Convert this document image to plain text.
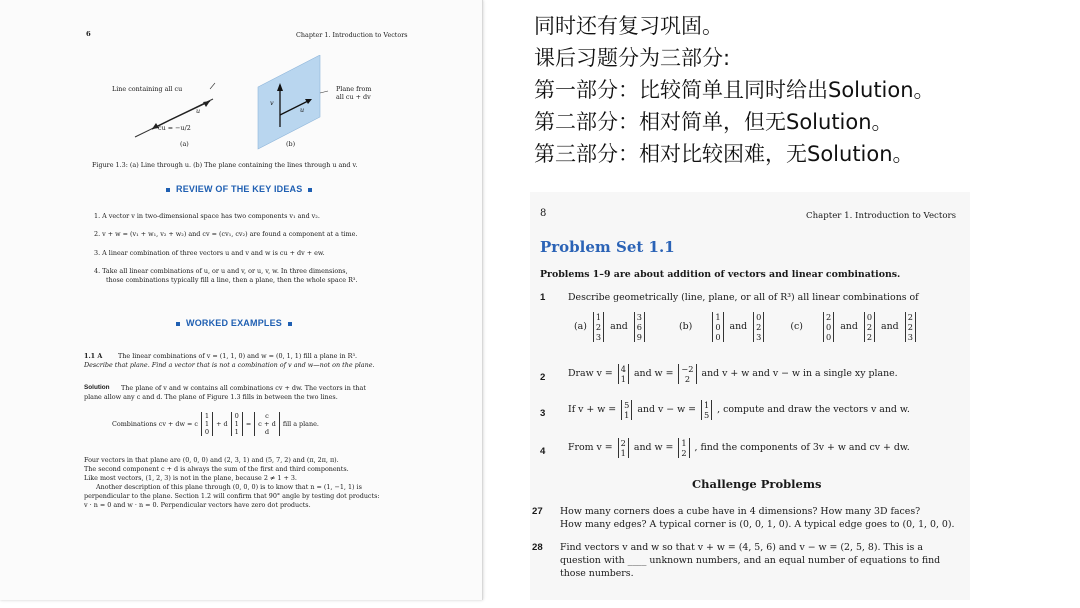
6	Chapter 1. Introduction to Vectors
Line containing all cu	Plane from
all cu + dv
cu = −u/2
u
v
u
(a)	(b)
Figure 1.3: (a) Line through u. (b) The plane containing the lines through u and v.
REVIEW OF THE KEY IDEAS
1. A vector v in two-dimensional space has two components v₁ and v₂.
2. v + w = (v₁ + w₁, v₂ + w₂) and cv = (cv₁, cv₂) are found a component at a time.
3. A linear combination of three vectors u and v and w is cu + dv + ew.
4. Take all linear combinations of u, or u and v, or u, v, w. In three dimensions,
those combinations typically fill a line, then a plane, then the whole space R³.
WORKED EXAMPLES
1.1 A The linear combinations of v = (1, 1, 0) and w = (0, 1, 1) fill a plane in R³.
Describe that plane. Find a vector that is not a combination of v and w—not on the plane.
Solution The plane of v and w contains all combinations cv + dw. The vectors in that
plane allow any c and d. The plane of Figure 1.3 fills in between the two lines.
Combinations cv + dw = c
1
1
0
+ d
0
1
1
=
c
c + d
d
fill a plane.
Four vectors in that plane are (0, 0, 0) and (2, 3, 1) and (5, 7, 2) and (π, 2π, π).
The second component c + d is always the sum of the first and third components.
Like most vectors, (1, 2, 3) is not in the plane, because 2 ≠ 1 + 3.
Another description of this plane through (0, 0, 0) is to know that n = (1, −1, 1) is
perpendicular to the plane. Section 1.2 will confirm that 90° angle by testing dot products:
v · n = 0 and w · n = 0. Perpendicular vectors have zero dot products.
同时还有复习巩固。
课后习题分为三部分:
第一部分：比较简单且同时给出Solution。
第二部分：相对简单，但无Solution。
第三部分：相对比较困难，无Solution。
8	Chapter 1. Introduction to Vectors
Problem Set 1.1
Problems 1–9 are about addition of vectors and linear combinations.
1 Describe geometrically (line, plane, or all of R³) all linear combinations of
(a)
1
2
3
and
3
6
9
(b)
1
0
0
and
0
2
3
(c)
2
0
0
and
0
2
2
and
2
2
3
2 Draw v = 4
1 and w = −2
2	and v + w and v − w in a single xy plane.
3 If v + w = 5
1 and v − w = 1
5 , compute and draw the vectors v and w.
4 From v = 2
1 and w = 1
2 , find the components of 3v + w and cv + dw.
Challenge Problems
27 How many corners does a cube have in 4 dimensions? How many 3D faces?
How many edges? A typical corner is (0, 0, 1, 0). A typical edge goes to (0, 1, 0, 0).
28 Find vectors v and w so that v + w = (4, 5, 6) and v − w = (2, 5, 8). This is a
question with ____ unknown numbers, and an equal number of equations to find
those numbers.
